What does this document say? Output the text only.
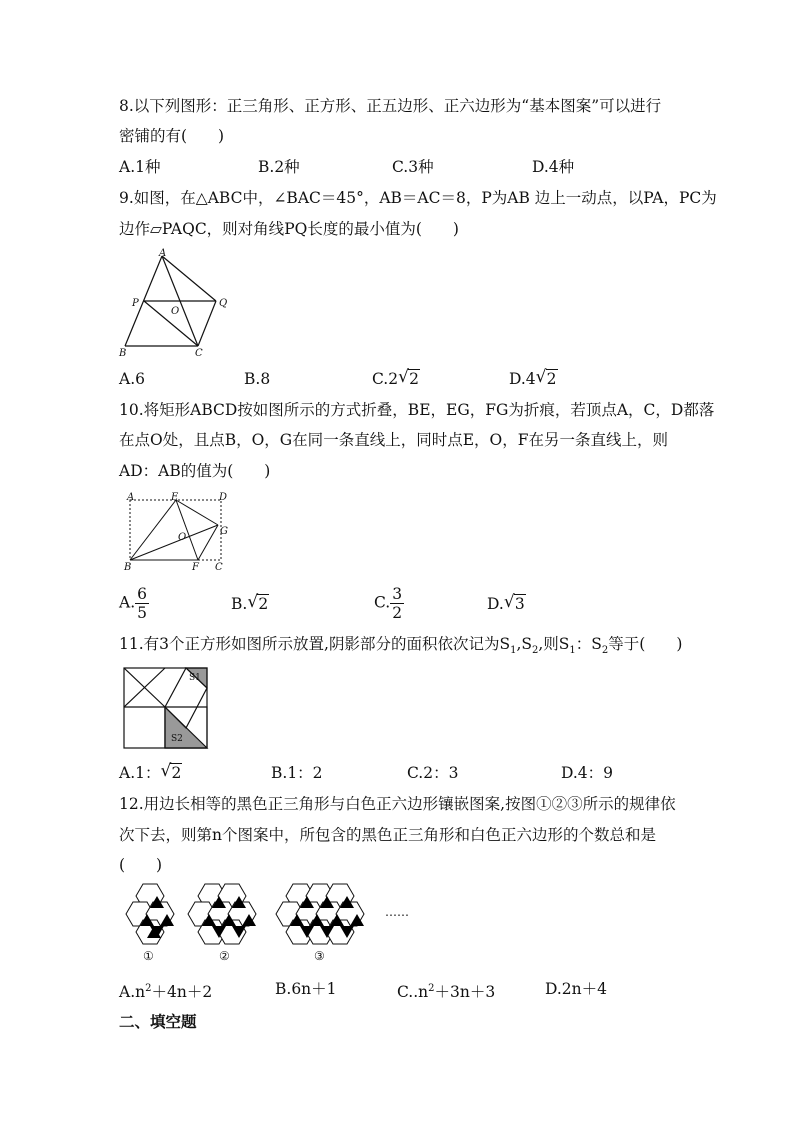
8.以下列图形：正三角形、正方形、正五边形、正六边形为“基本图案”可以进行
密铺的有(　　)
A.1种	B.2种	C.3种	D.4种
9.如图，在△ABC中，∠BAC＝45°，AB＝AC＝8，P为AB 边上一动点，以PA，PC为
边作▱PAQC，则对角线PQ长度的最小值为(　　)
A
P
O
Q
B	C
A.6	B.8	C.2 √ 2	D.4 √ 2
10.将矩形ABCD按如图所示的方式折叠，BE，EG，FG为折痕，若顶点A，C，D都落
在点O处，且点B，O，G在同一条直线上，同时点E，O，F在另一条直线上，则
AD：AB的值为(　　)
A	E	D
O
G
B	F C
A. $\frac{6}{5}$	B. √ 2	C. $\frac{3}{2}$	D. √ 3
11.有3个正方形如图所示放置,阴影部分的面积依次记为$S_1,S_2$,则$S_1$：$S_2$等于(　　)
S1
S2
A.1： √ 2	B.1：2	C.2：3	D.4：9
12.用边长相等的黑色正三角形与白色正六边形镶嵌图案,按图①②③所示的规律依
次下去，则第n个图案中，所包含的黑色正三角形和白色正六边形的个数总和是
(　　)
①	②	③
……
$A.n^2+4n+2$	B.6n＋1	$C..n^2+3n+3$	D.2n＋4
二、填空题
